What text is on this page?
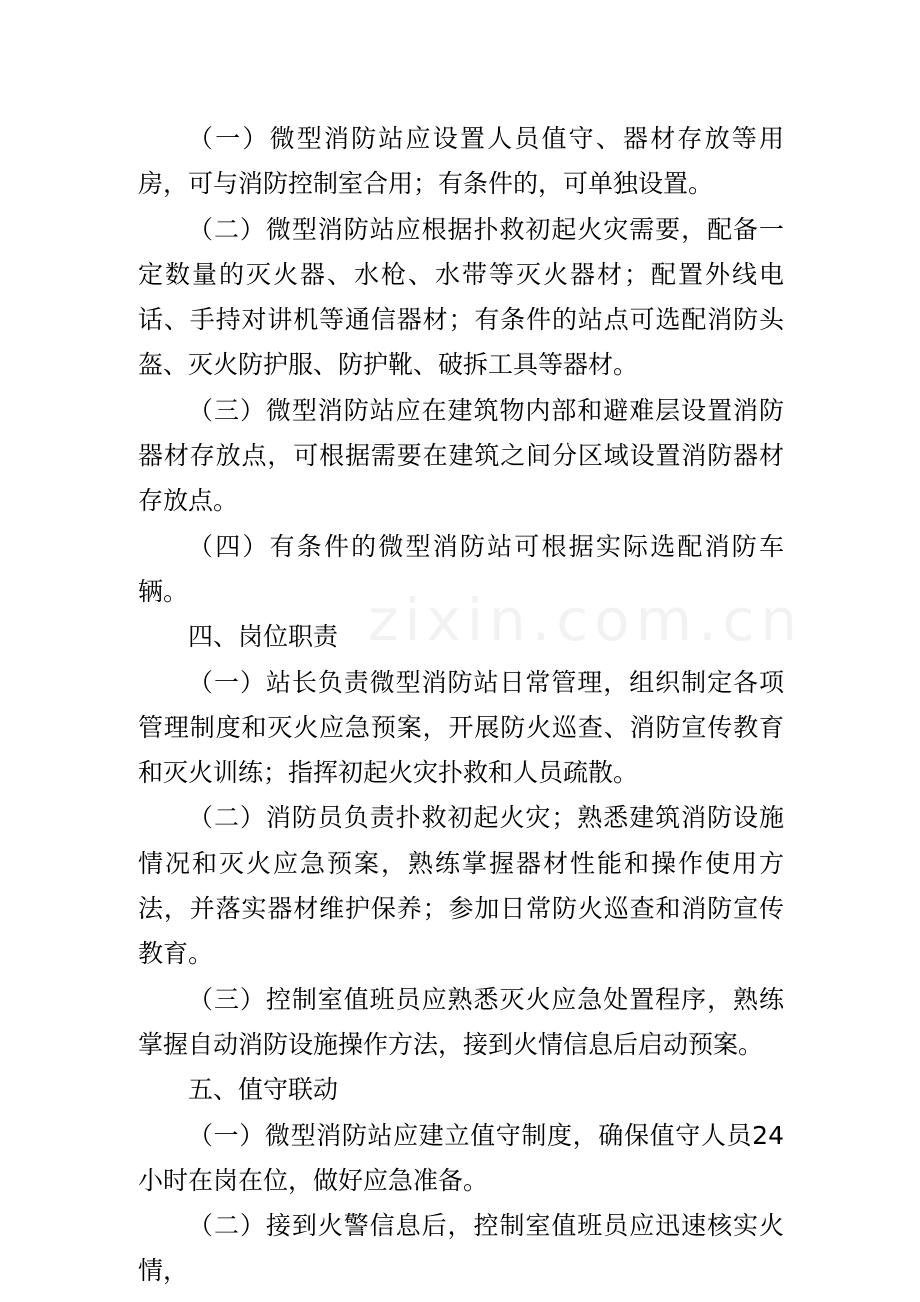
（一）微型消防站应设置人员值守、器材存放等用房，可与消防控制室合用；有条件的，可单独设置。

（二）微型消防站应根据扑救初起火灾需要，配备一定数量的灭火器、水枪、水带等灭火器材；配置外线电话、手持对讲机等通信器材；有条件的站点可选配消防头盔、灭火防护服、防护靴、破拆工具等器材。

（三）微型消防站应在建筑物内部和避难层设置消防器材存放点，可根据需要在建筑之间分区域设置消防器材存放点。

（四）有条件的微型消防站可根据实际选配消防车辆。

四、岗位职责

（一）站长负责微型消防站日常管理，组织制定各项管理制度和灭火应急预案，开展防火巡查、消防宣传教育和灭火训练；指挥初起火灾扑救和人员疏散。

（二）消防员负责扑救初起火灾；熟悉建筑消防设施情况和灭火应急预案，熟练掌握器材性能和操作使用方法，并落实器材维护保养；参加日常防火巡查和消防宣传教育。

（三）控制室值班员应熟悉灭火应急处置程序，熟练掌握自动消防设施操作方法，接到火情信息后启动预案。

五、值守联动

（一）微型消防站应建立值守制度，确保值守人员24小时在岗在位，做好应急准备。

（二）接到火警信息后，控制室值班员应迅速核实火情，

zixin.com.cn
